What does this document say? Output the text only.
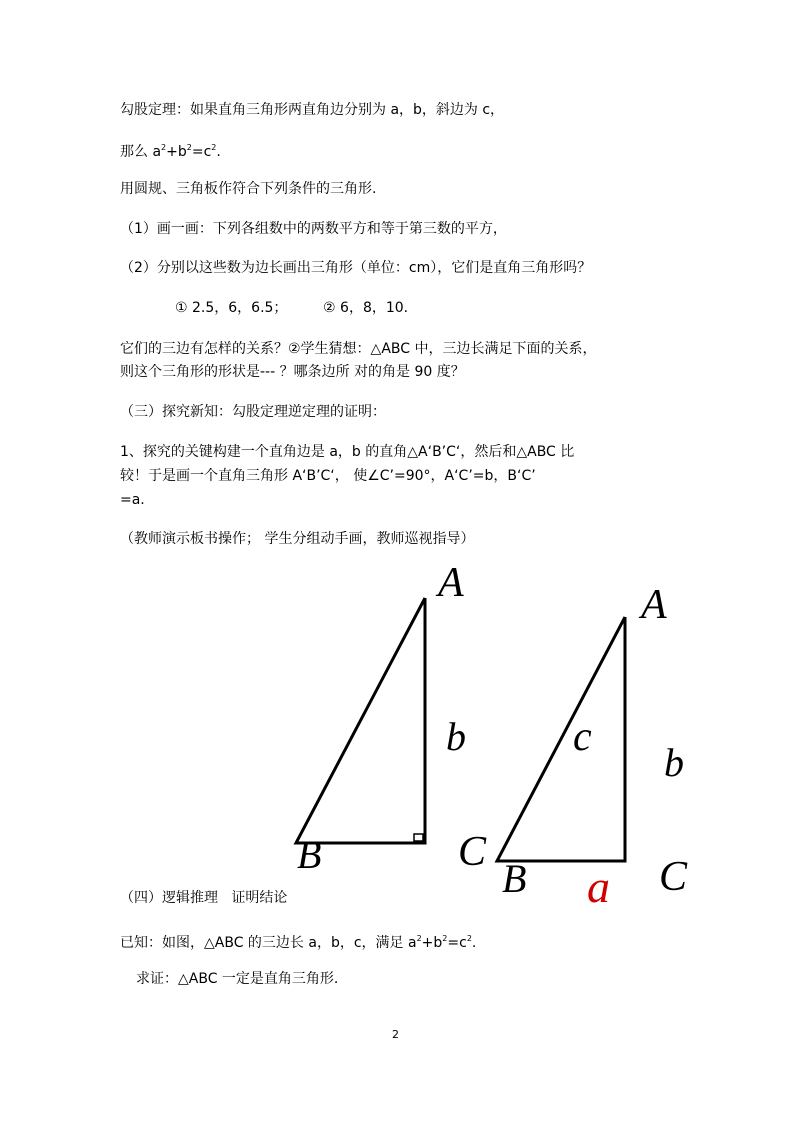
勾股定理：如果直角三角形两直角边分别为 a，b，斜边为 c，
那么 $a^2+b^2=c^2$.
用圆规、三角板作符合下列条件的三角形.
（1）画一画：下列各组数中的两数平方和等于第三数的平方，
（2）分别以这些数为边长画出三角形（单位：cm），它们是直角三角形吗？
① 2.5，6，6.5；        ② 6，8，10.
它们的三边有怎样的关系？②学生猜想：△ABC 中，三边长满足下面的关系，
则这个三角形的形状是--- ？哪条边所 对的角是 90 度？
（三）探究新知：勾股定理逆定理的证明：
1、探究的关键构建一个直角边是 a，b 的直角△A‘B’C‘，然后和△ABC 比
较！于是画一个直角三角形 A‘B’C‘， 使∠C’=90°，A‘C’=b，B‘C’
=a.
（教师演示板书操作； 学生分组动手画，教师巡视指导）
A
b
B	C
A
c
b
B a C
（四）逻辑推理   证明结论
已知：如图，△ABC 的三边长 a，b，c，满足 $a^2+b^2=c^2$.
求证：△ABC 一定是直角三角形.
2
